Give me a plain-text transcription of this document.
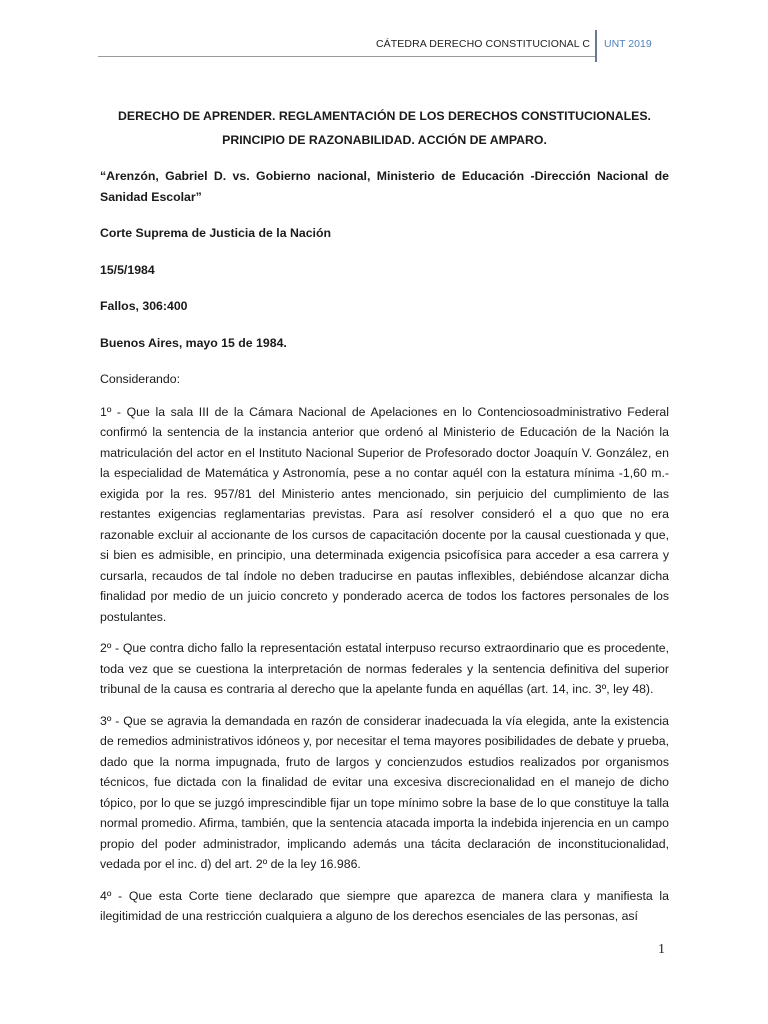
CÁTEDRA DERECHO CONSTITUCIONAL C UNT 2019
DERECHO DE APRENDER. REGLAMENTACIÓN DE LOS DERECHOS CONSTITUCIONALES. PRINCIPIO DE RAZONABILIDAD. ACCIÓN DE AMPARO.
“Arenzón, Gabriel D. vs. Gobierno nacional, Ministerio de Educación -Dirección Nacional de Sanidad Escolar”
Corte Suprema de Justicia de la Nación
15/5/1984
Fallos, 306:400
Buenos Aires, mayo 15 de 1984.
Considerando:
1º - Que la sala III de la Cámara Nacional de Apelaciones en lo Contenciosoadministrativo Federal confirmó la sentencia de la instancia anterior que ordenó al Ministerio de Educación de la Nación la matriculación del actor en el Instituto Nacional Superior de Profesorado doctor Joaquín V. González, en la especialidad de Matemática y Astronomía, pese a no contar aquél con la estatura mínima -1,60 m.- exigida por la res. 957/81 del Ministerio antes mencionado, sin perjuicio del cumplimiento de las restantes exigencias reglamentarias previstas. Para así resolver consideró el a quo que no era razonable excluir al accionante de los cursos de capacitación docente por la causal cuestionada y que, si bien es admisible, en principio, una determinada exigencia psicofísica para acceder a esa carrera y cursarla, recaudos de tal índole no deben traducirse en pautas inflexibles, debiéndose alcanzar dicha finalidad por medio de un juicio concreto y ponderado acerca de todos los factores personales de los postulantes.
2º - Que contra dicho fallo la representación estatal interpuso recurso extraordinario que es procedente, toda vez que se cuestiona la interpretación de normas federales y la sentencia definitiva del superior tribunal de la causa es contraria al derecho que la apelante funda en aquéllas (art. 14, inc. 3º, ley 48).
3º - Que se agravia la demandada en razón de considerar inadecuada la vía elegida, ante la existencia de remedios administrativos idóneos y, por necesitar el tema mayores posibilidades de debate y prueba, dado que la norma impugnada, fruto de largos y concienzudos estudios realizados por organismos técnicos, fue dictada con la finalidad de evitar una excesiva discrecionalidad en el manejo de dicho tópico, por lo que se juzgó imprescindible fijar un tope mínimo sobre la base de lo que constituye la talla normal promedio. Afirma, también, que la sentencia atacada importa la indebida injerencia en un campo propio del poder administrador, implicando además una tácita declaración de inconstitucionalidad, vedada por el inc. d) del art. 2º de la ley 16.986.
4º - Que esta Corte tiene declarado que siempre que aparezca de manera clara y manifiesta la ilegitimidad de una restricción cualquiera a alguno de los derechos esenciales de las personas, así
1
